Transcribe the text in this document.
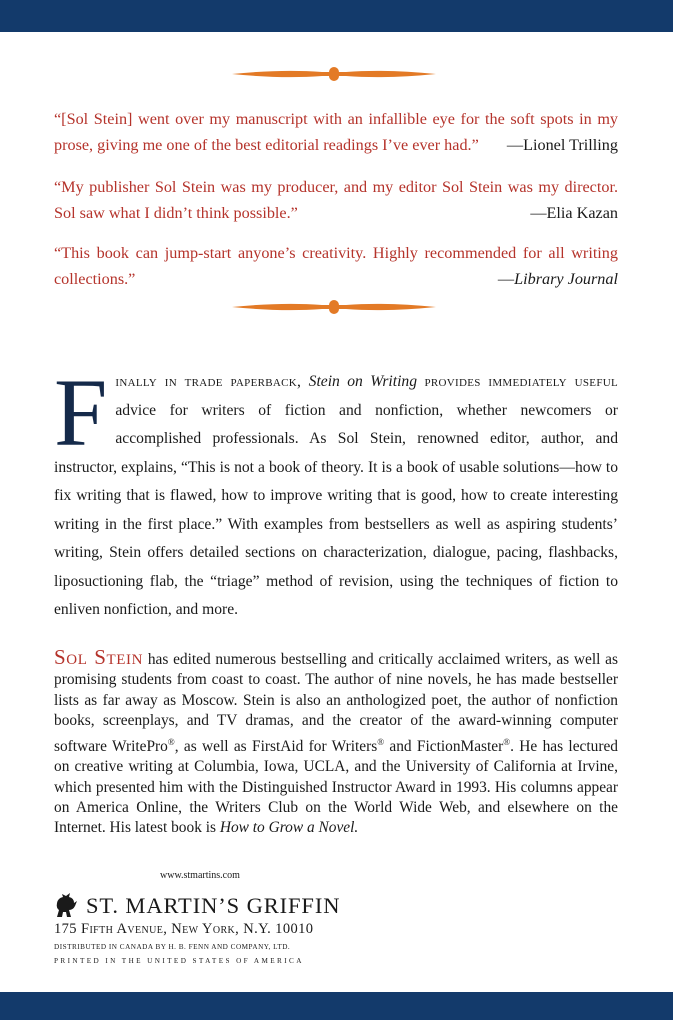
“[Sol Stein] went over my manuscript with an infallible eye for the soft spots in my prose, giving me one of the best editorial readings I’ve ever had.” —Lionel Trilling
“My publisher Sol Stein was my producer, and my editor Sol Stein was my director. Sol saw what I didn’t think possible.”	—Elia Kazan
“This book can jump-start anyone’s creativity. Highly recommended for all writing collections.”	—Library Journal
Finally in trade paperback, Stein on Writing provides immediately useful advice for writers of fiction and nonfiction, whether newcomers or accomplished professionals. As Sol Stein, renowned editor, author, and instructor, explains, “This is not a book of theory. It is a book of usable solutions—how to fix writing that is flawed, how to improve writing that is good, how to create interesting writing in the first place.” With examples from bestsellers as well as aspiring students’ writing, Stein offers detailed sections on characterization, dialogue, pacing, flashbacks, liposuctioning flab, the “triage” method of revision, using the techniques of fiction to enliven nonfiction, and more.
Sol Stein has edited numerous bestselling and critically acclaimed writers, as well as promising students from coast to coast. The author of nine novels, he has made bestseller lists as far away as Moscow. Stein is also an anthologized poet, the author of nonfiction books, screenplays, and TV dramas, and the creator of the award-winning computer software WritePro®, as well as FirstAid for Writers® and FictionMaster®. He has lectured on creative writing at Columbia, Iowa, UCLA, and the University of California at Irvine, which presented him with the Distinguished Instructor Award in 1993. His columns appear on America Online, the Writers Club on the World Wide Web, and elsewhere on the Internet. His latest book is How to Grow a Novel.
www.stmartins.com
ST. MARTIN’S GRIFFIN
175 Fifth Avenue, New York, N.Y. 10010
DISTRIBUTED IN CANADA BY H. B. FENN AND COMPANY, LTD.
PRINTED IN THE UNITED STATES OF AMERICA
